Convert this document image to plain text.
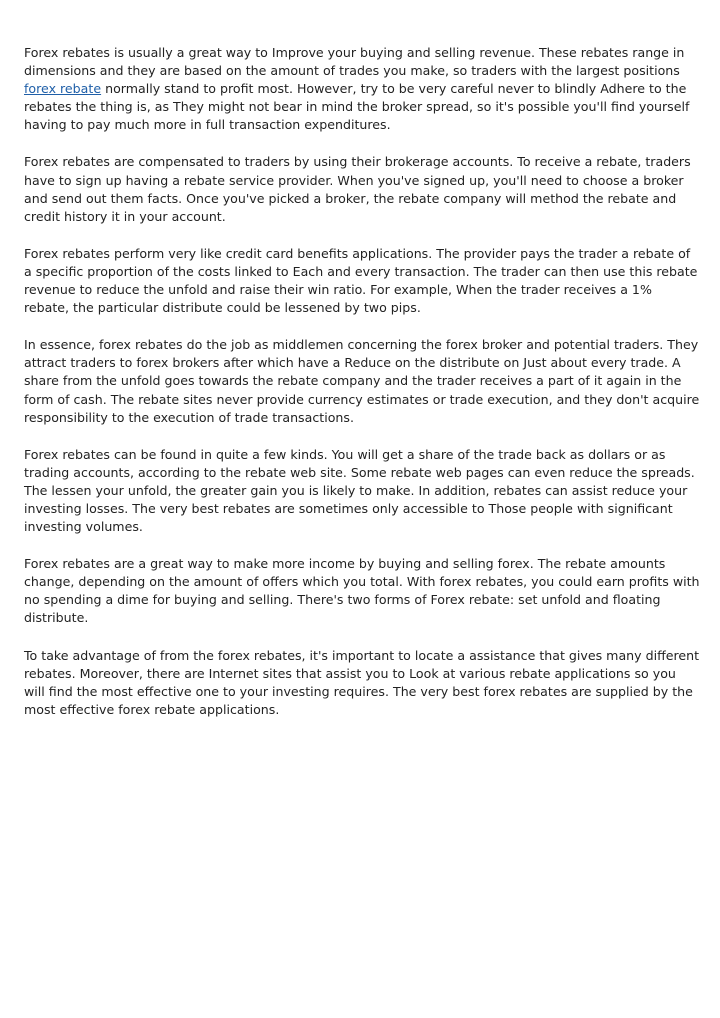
Forex rebates is usually a great way to Improve your buying and selling revenue. These rebates range in dimensions and they are based on the amount of trades you make, so traders with the largest positions forex rebate normally stand to profit most. However, try to be very careful never to blindly Adhere to the rebates the thing is, as They might not bear in mind the broker spread, so it's possible you'll find yourself having to pay much more in full transaction expenditures.

Forex rebates are compensated to traders by using their brokerage accounts. To receive a rebate, traders have to sign up having a rebate service provider. When you've signed up, you'll need to choose a broker and send out them facts. Once you've picked a broker, the rebate company will method the rebate and credit history it in your account.

Forex rebates perform very like credit card benefits applications. The provider pays the trader a rebate of a specific proportion of the costs linked to Each and every transaction. The trader can then use this rebate revenue to reduce the unfold and raise their win ratio. For example, When the trader receives a 1% rebate, the particular distribute could be lessened by two pips.

In essence, forex rebates do the job as middlemen concerning the forex broker and potential traders. They attract traders to forex brokers after which have a Reduce on the distribute on Just about every trade. A share from the unfold goes towards the rebate company and the trader receives a part of it again in the form of cash. The rebate sites never provide currency estimates or trade execution, and they don't acquire responsibility to the execution of trade transactions.

Forex rebates can be found in quite a few kinds. You will get a share of the trade back as dollars or as trading accounts, according to the rebate web site. Some rebate web pages can even reduce the spreads. The lessen your unfold, the greater gain you is likely to make. In addition, rebates can assist reduce your investing losses. The very best rebates are sometimes only accessible to Those people with significant investing volumes.

Forex rebates are a great way to make more income by buying and selling forex. The rebate amounts change, depending on the amount of offers which you total. With forex rebates, you could earn profits with no spending a dime for buying and selling. There's two forms of Forex rebate: set unfold and floating distribute.

To take advantage of from the forex rebates, it's important to locate a assistance that gives many different rebates. Moreover, there are Internet sites that assist you to Look at various rebate applications so you will find the most effective one to your investing requires. The very best forex rebates are supplied by the most effective forex rebate applications.
